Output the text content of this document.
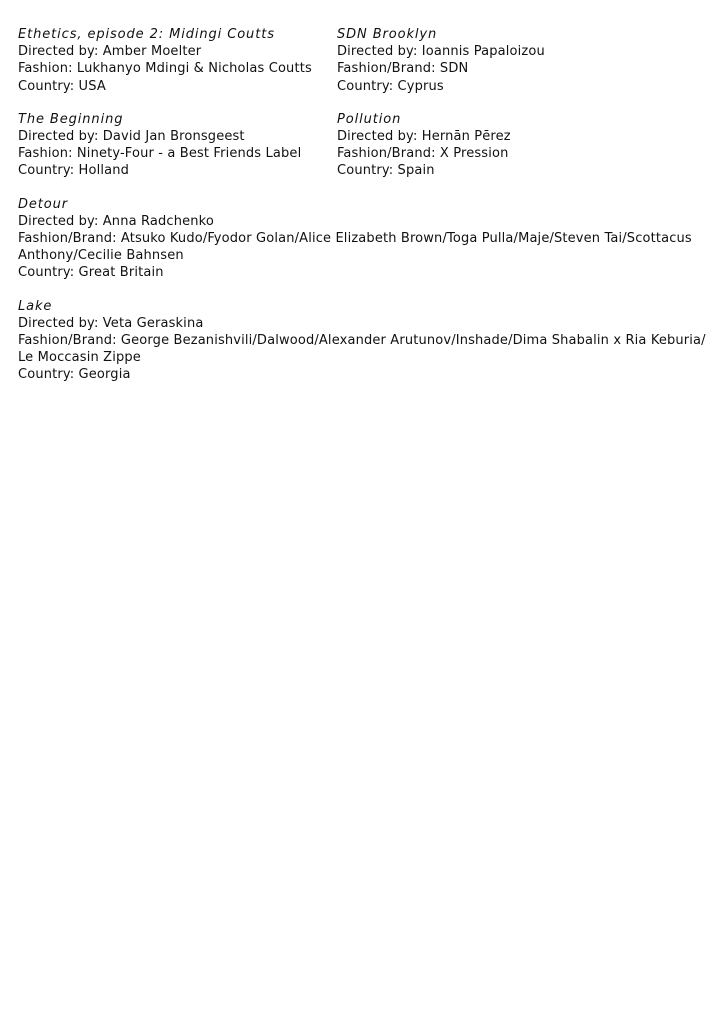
Ethetics, episode 2: Midingi Coutts
Directed by: Amber Moelter
Fashion: Lukhanyo Mdingi & Nicholas Coutts
Country: USA
SDN Brooklyn
Directed by: Ioannis Papaloizou
Fashion/Brand: SDN
Country: Cyprus
The Beginning
Directed by: David Jan Bronsgeest
Fashion: Ninety-Four - a Best Friends Label
Country: Holland
Pollution
Directed by: Hernān Pērez
Fashion/Brand: X Pression
Country: Spain
Detour
Directed by: Anna Radchenko
Fashion/Brand: Atsuko Kudo/Fyodor Golan/Alice Elizabeth Brown/Toga Pulla/Maje/Steven Tai/Scottacus Anthony/Cecilie Bahnsen
Country: Great Britain
Lake
Directed by: Veta Geraskina
Fashion/Brand: George Bezanishvili/Dalwood/Alexander Arutunov/Inshade/Dima Shabalin x Ria Keburia/ Le Moccasin Zippe
Country: Georgia
